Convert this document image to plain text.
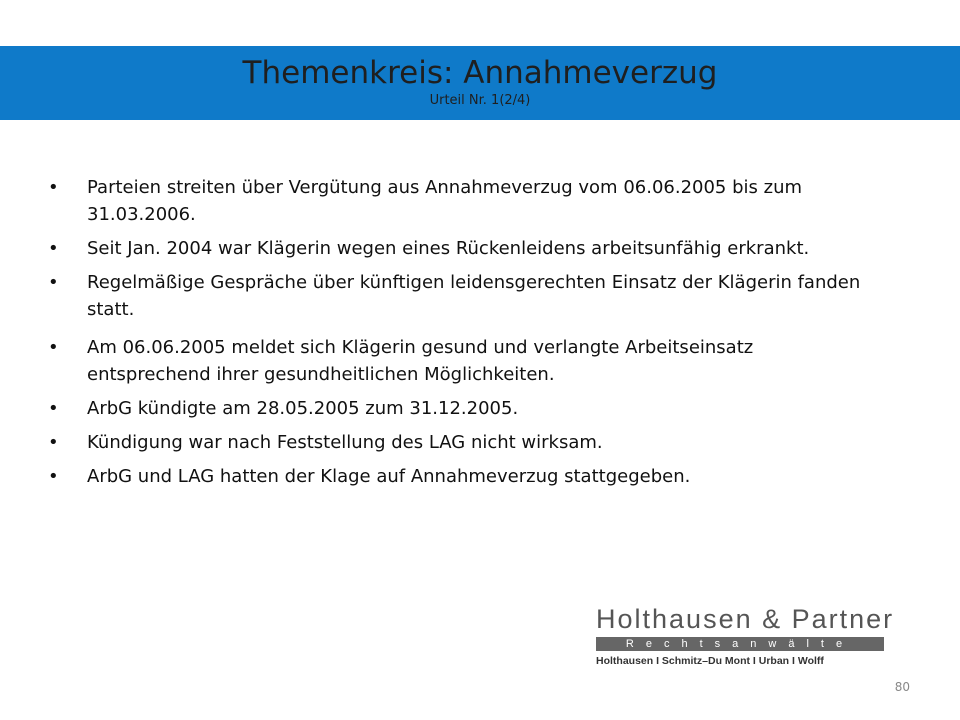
Themenkreis: Annahmeverzug
Urteil Nr. 1(2/4)
• Parteien streiten über Vergütung aus Annahmeverzug vom 06.06.2005 bis zum 31.03.2006.
• Seit Jan. 2004 war Klägerin wegen eines Rückenleidens arbeitsunfähig erkrankt.
• Regelmäßige Gespräche über künftigen leidensgerechten Einsatz der Klägerin fanden statt.
• Am 06.06.2005 meldet sich Klägerin gesund und verlangte Arbeitseinsatz entsprechend ihrer gesundheitlichen Möglichkeiten.
• ArbG kündigte am 28.05.2005 zum 31.12.2005.
• Kündigung war nach Feststellung des LAG nicht wirksam.
• ArbG und LAG hatten der Klage auf Annahmeverzug stattgegeben.
Holthausen & Partner
Rechtsanwälte
Holthausen I Schmitz–Du Mont I Urban I Wolff
80
